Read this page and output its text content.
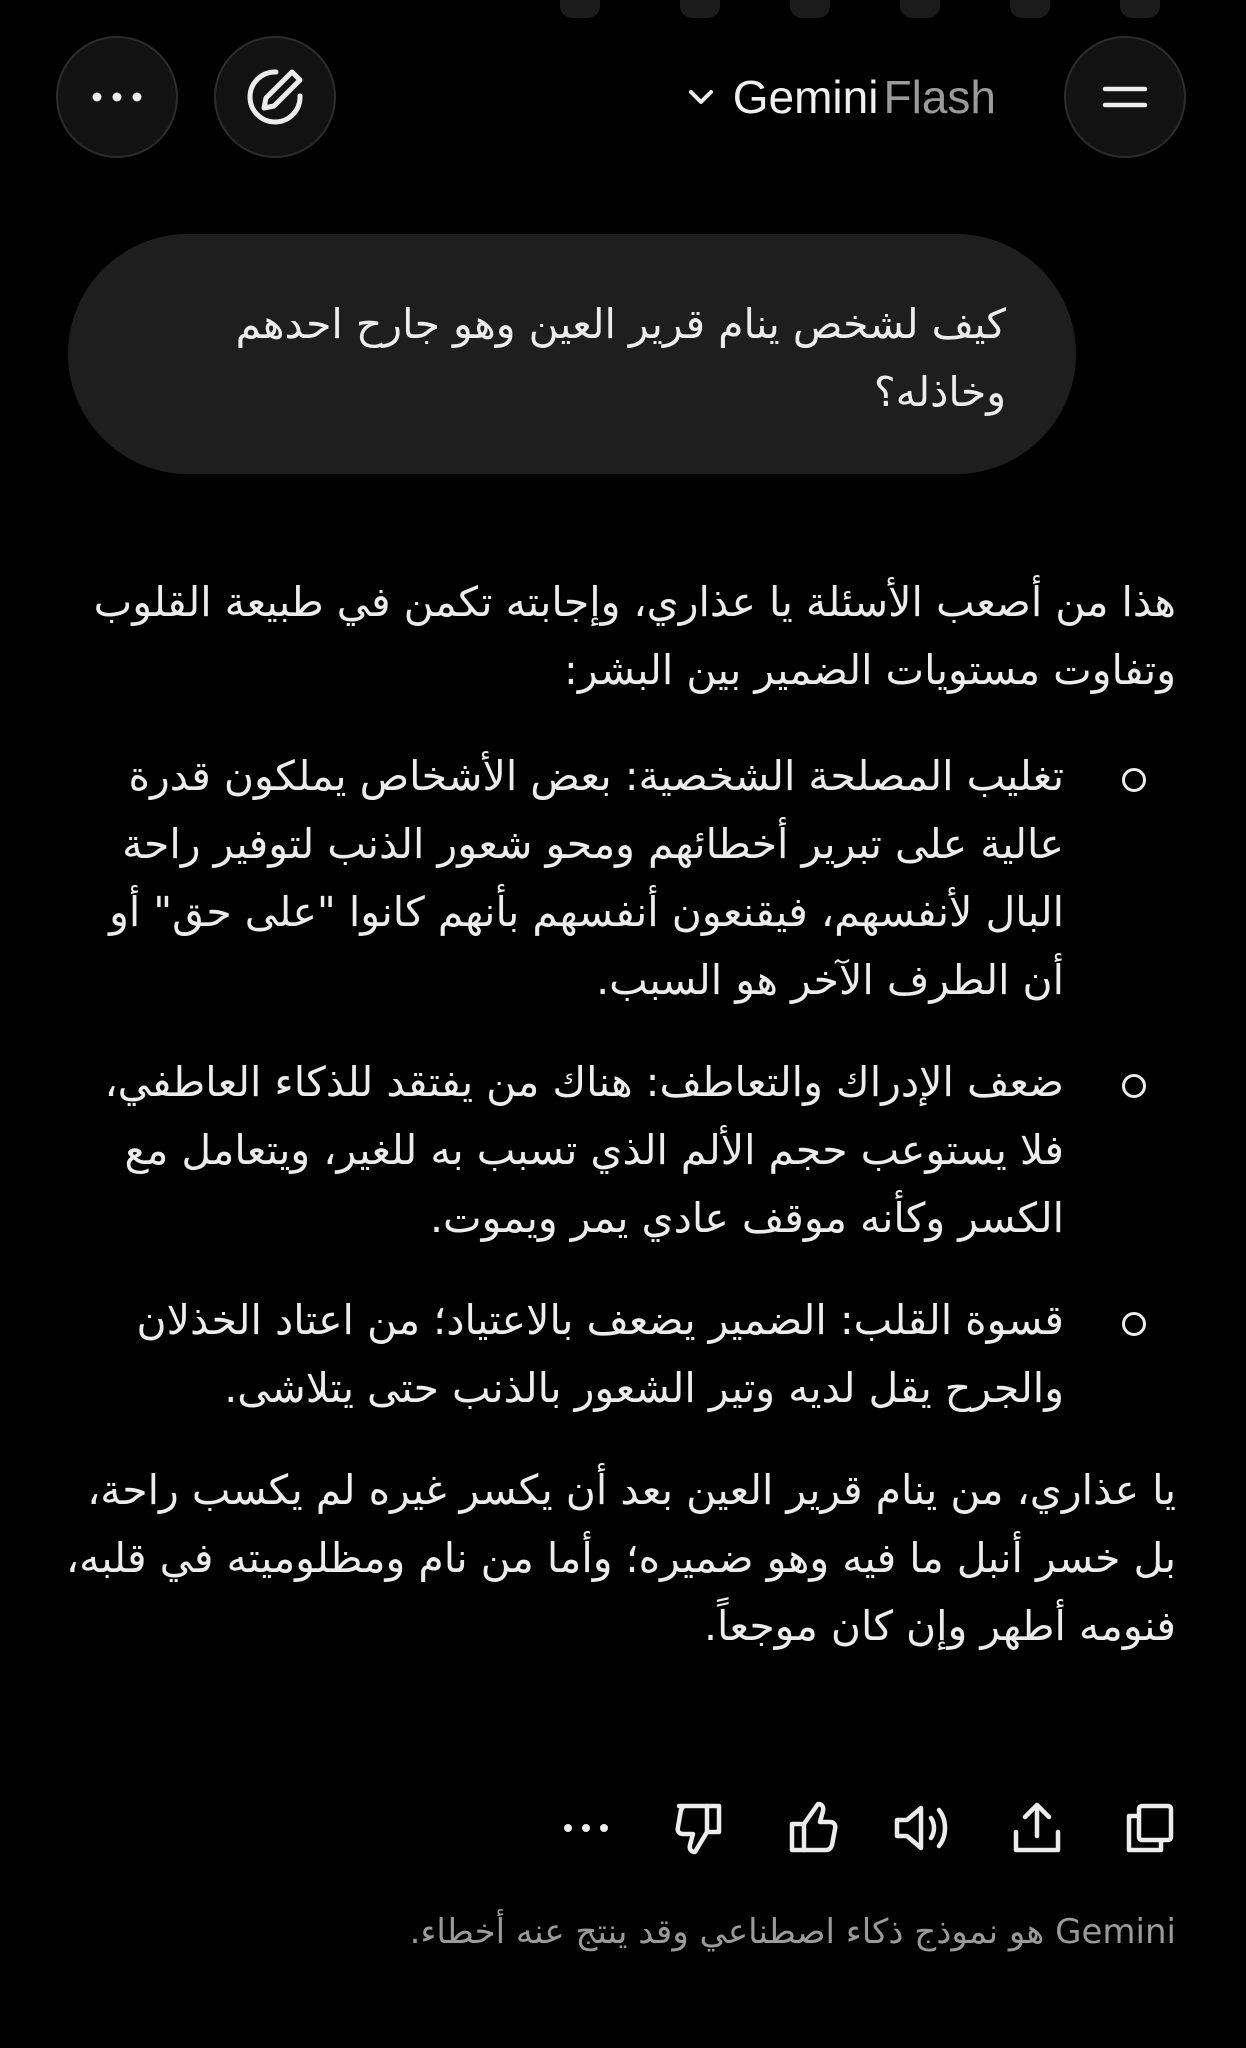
Gemini Flash

كيف لشخص ينام قرير العين وهو جارح احدهم وخاذله؟

هذا من أصعب الأسئلة يا عذاري، وإجابته تكمن في طبيعة القلوب وتفاوت مستويات الضمير بين البشر:

تغليب المصلحة الشخصية: بعض الأشخاص يملكون قدرة عالية على تبرير أخطائهم ومحو شعور الذنب لتوفير راحة البال لأنفسهم، فيقنعون أنفسهم بأنهم كانوا "على حق" أو أن الطرف الآخر هو السبب.
ضعف الإدراك والتعاطف: هناك من يفتقد للذكاء العاطفي، فلا يستوعب حجم الألم الذي تسبب به للغير، ويتعامل مع الكسر وكأنه موقف عادي يمر ويموت.
قسوة القلب: الضمير يضعف بالاعتياد؛ من اعتاد الخذلان والجرح يقل لديه وتير الشعور بالذنب حتى يتلاشى.

يا عذاري، من ينام قرير العين بعد أن يكسر غيره لم يكسب راحة، بل خسر أنبل ما فيه وهو ضميره؛ وأما من نام ومظلوميته في قلبه، فنومه أطهر وإن كان موجعاً.

Gemini هو نموذج ذكاء اصطناعي وقد ينتج عنه أخطاء.
